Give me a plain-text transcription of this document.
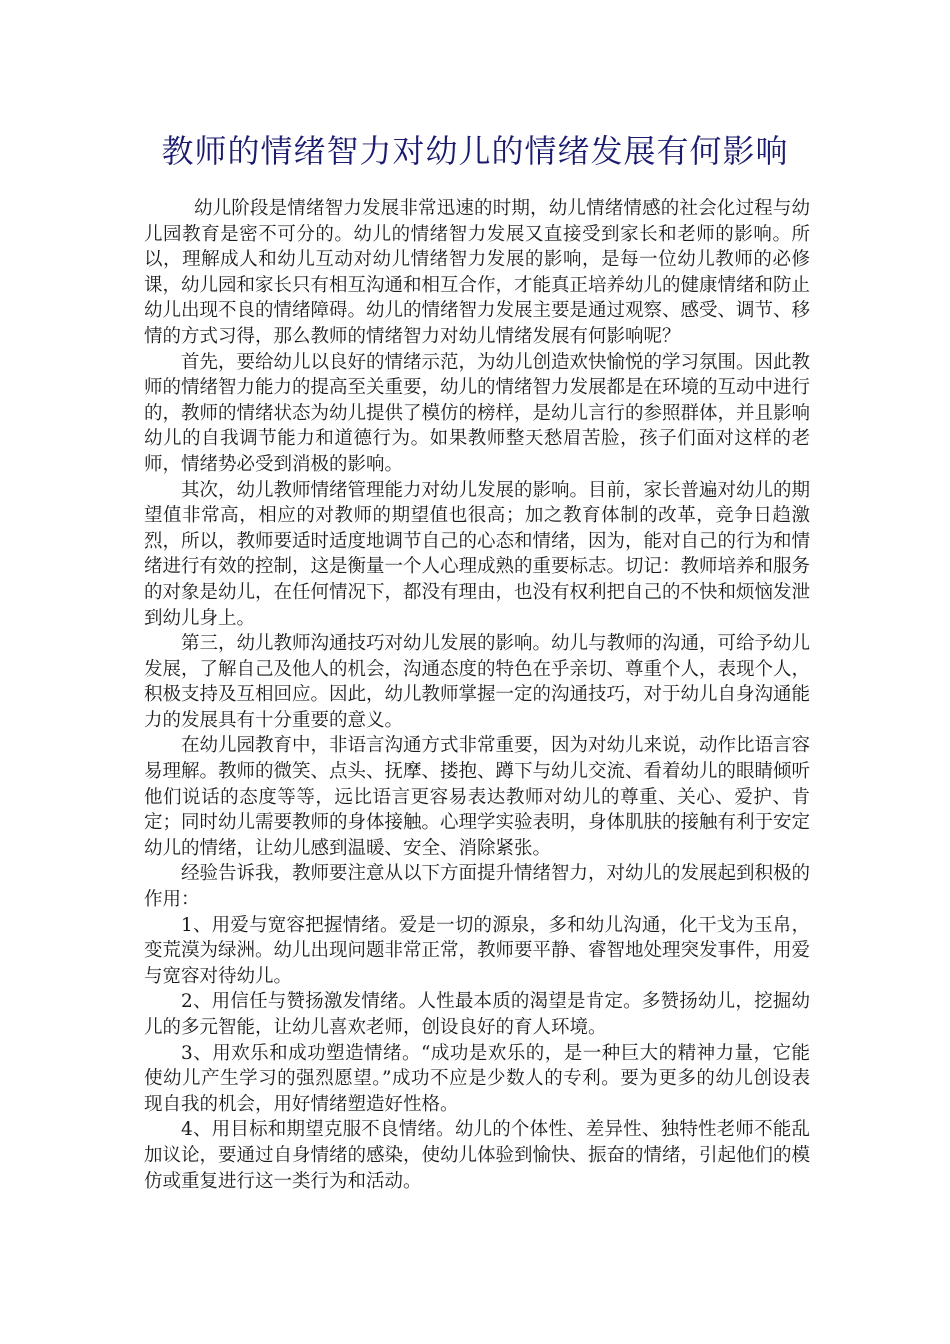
教师的情绪智力对幼儿的情绪发展有何影响

幼儿阶段是情绪智力发展非常迅速的时期，幼儿情绪情感的社会化过程与幼儿园教育是密不可分的。幼儿的情绪智力发展又直接受到家长和老师的影响。所以，理解成人和幼儿互动对幼儿情绪智力发展的影响，是每一位幼儿教师的必修课，幼儿园和家长只有相互沟通和相互合作，才能真正培养幼儿的健康情绪和防止幼儿出现不良的情绪障碍。幼儿的情绪智力发展主要是通过观察、感受、调节、移情的方式习得，那么教师的情绪智力对幼儿情绪发展有何影响呢？

首先，要给幼儿以良好的情绪示范，为幼儿创造欢快愉悦的学习氛围。因此教师的情绪智力能力的提高至关重要，幼儿的情绪智力发展都是在环境的互动中进行的，教师的情绪状态为幼儿提供了模仿的榜样，是幼儿言行的参照群体，并且影响幼儿的自我调节能力和道德行为。如果教师整天愁眉苦脸，孩子们面对这样的老师，情绪势必受到消极的影响。

其次，幼儿教师情绪管理能力对幼儿发展的影响。目前，家长普遍对幼儿的期望值非常高，相应的对教师的期望值也很高；加之教育体制的改革，竞争日趋激烈，所以，教师要适时适度地调节自己的心态和情绪，因为，能对自己的行为和情绪进行有效的控制，这是衡量一个人心理成熟的重要标志。切记：教师培养和服务的对象是幼儿，在任何情况下，都没有理由，也没有权利把自己的不快和烦恼发泄到幼儿身上。

第三，幼儿教师沟通技巧对幼儿发展的影响。幼儿与教师的沟通，可给予幼儿发展，了解自己及他人的机会，沟通态度的特色在乎亲切、尊重个人，表现个人，积极支持及互相回应。因此，幼儿教师掌握一定的沟通技巧，对于幼儿自身沟通能力的发展具有十分重要的意义。

在幼儿园教育中，非语言沟通方式非常重要，因为对幼儿来说，动作比语言容易理解。教师的微笑、点头、抚摩、搂抱、蹲下与幼儿交流、看着幼儿的眼睛倾听他们说话的态度等等，远比语言更容易表达教师对幼儿的尊重、关心、爱护、肯定；同时幼儿需要教师的身体接触。心理学实验表明，身体肌肤的接触有利于安定幼儿的情绪，让幼儿感到温暖、安全、消除紧张。

经验告诉我，教师要注意从以下方面提升情绪智力，对幼儿的发展起到积极的作用：

1、用爱与宽容把握情绪。爱是一切的源泉，多和幼儿沟通，化干戈为玉帛，变荒漠为绿洲。幼儿出现问题非常正常，教师要平静、睿智地处理突发事件，用爱与宽容对待幼儿。

2、用信任与赞扬激发情绪。人性最本质的渴望是肯定。多赞扬幼儿，挖掘幼儿的多元智能，让幼儿喜欢老师，创设良好的育人环境。

3、用欢乐和成功塑造情绪。“成功是欢乐的，是一种巨大的精神力量，它能使幼儿产生学习的强烈愿望。”成功不应是少数人的专利。要为更多的幼儿创设表现自我的机会，用好情绪塑造好性格。

4、用目标和期望克服不良情绪。幼儿的个体性、差异性、独特性老师不能乱加议论，要通过自身情绪的感染，使幼儿体验到愉快、振奋的情绪，引起他们的模仿或重复进行这一类行为和活动。
